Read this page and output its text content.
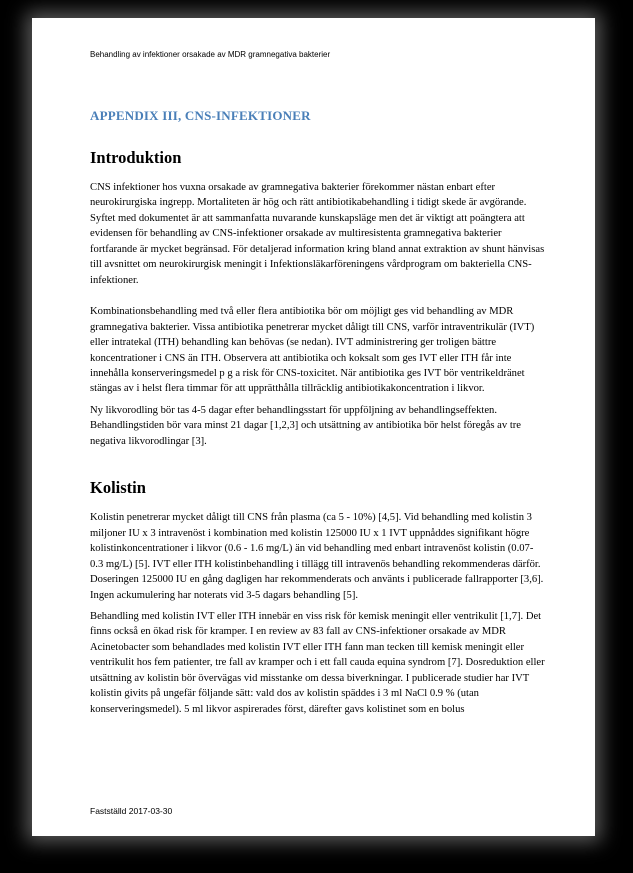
Behandling av infektioner orsakade av MDR gramnegativa bakterier
APPENDIX III, CNS-INFEKTIONER
Introduktion

CNS infektioner hos vuxna orsakade av gramnegativa bakterier förekommer nästan enbart efter neurokirurgiska ingrepp. Mortaliteten är hög och rätt antibiotikabehandling i tidigt skede är avgörande. Syftet med dokumentet är att sammanfatta nuvarande kunskapsläge men det är viktigt att poängtera att evidensen för behandling av CNS-infektioner orsakade av multiresistenta gramnegativa bakterier fortfarande är mycket begränsad. För detaljerad information kring bland annat extraktion av shunt hänvisas till avsnittet om neurokirurgisk meningit i Infektionsläkarföreningens vårdprogram om bakteriella CNS-infektioner.

Kombinationsbehandling med två eller flera antibiotika bör om möjligt ges vid behandling av MDR gramnegativa bakterier. Vissa antibiotika penetrerar mycket dåligt till CNS, varför intraventrikulär (IVT) eller intratekal (ITH) behandling kan behövas (se nedan). IVT administrering ger troligen bättre koncentrationer i CNS än ITH. Observera att antibiotika och koksalt som ges IVT eller ITH får inte innehålla konserveringsmedel p g a risk för CNS-toxicitet. När antibiotika ges IVT bör ventrikeldränet stängas av i helst flera timmar för att upprätthålla tillräcklig antibiotikakoncentration i likvor.

Ny likvorodling bör tas 4-5 dagar efter behandlingsstart för uppföljning av behandlingseffekten. Behandlingstiden bör vara minst 21 dagar [1,2,3] och utsättning av antibiotika bör helst föregås av tre negativa likvorodlingar [3].

Kolistin

Kolistin penetrerar mycket dåligt till CNS från plasma (ca 5 - 10%) [4,5]. Vid behandling med kolistin 3 miljoner IU x 3 intravenöst i kombination med kolistin 125000 IU x 1 IVT uppnåddes signifikant högre kolistinkoncentrationer i likvor (0.6 - 1.6 mg/L) än vid behandling med enbart intravenöst kolistin (0.07- 0.3 mg/L) [5]. IVT eller ITH kolistinbehandling i tillägg till intravenös behandling rekommenderas därför. Doseringen 125000 IU en gång dagligen har rekommenderats och använts i publicerade fallrapporter [3,6]. Ingen ackumulering har noterats vid 3-5 dagars behandling [5].

Behandling med kolistin IVT eller ITH innebär en viss risk för kemisk meningit eller ventrikulit [1,7]. Det finns också en ökad risk för kramper. I en review av 83 fall av CNS-infektioner orsakade av MDR Acinetobacter som behandlades med kolistin IVT eller ITH fann man tecken till kemisk meningit eller ventrikulit hos fem patienter, tre fall av kramper och i ett fall cauda equina syndrom [7]. Dosreduktion eller utsättning av kolistin bör övervägas vid misstanke om dessa biverkningar. I publicerade studier har IVT kolistin givits på ungefär följande sätt: vald dos av kolistin späddes i 3 ml NaCl 0.9 % (utan konserveringsmedel). 5 ml likvor aspirerades först, därefter gavs kolistinet som en bolus

Fastställd 2017-03-30
